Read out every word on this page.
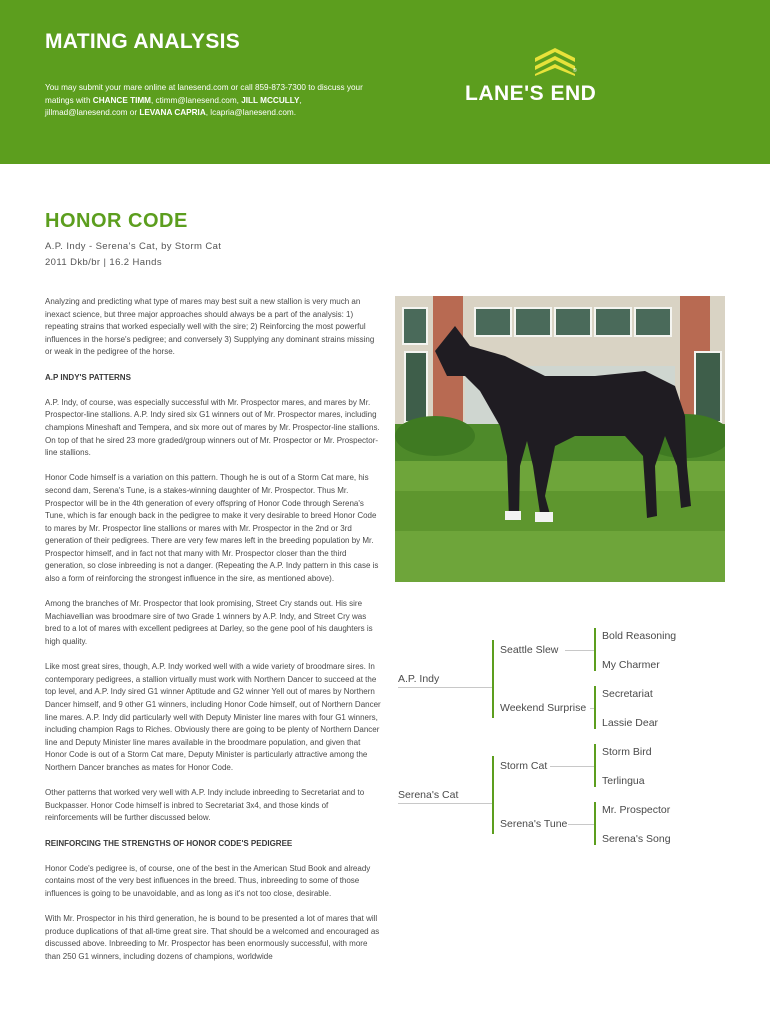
MATING ANALYSIS
You may submit your mare online at lanesend.com or call 859-873-7300 to discuss your matings with CHANCE TIMM, ctimm@lanesend.com, JILL MCCULLY, jillmad@lanesend.com or LEVANA CAPRIA, lcapria@lanesend.com.
®
LANE'S END
HONOR CODE
A.P. Indy - Serena's Cat, by Storm Cat
2011 Dkb/br | 16.2 Hands

Analyzing and predicting what type of mares may best suit a new stallion is very much an inexact science, but three major approaches should always be a part of the analysis: 1) repeating strains that worked especially well with the sire; 2) Reinforcing the most powerful influences in the horse's pedigree; and conversely 3) Supplying any dominant strains missing or weak in the pedigree of the horse.

A.P INDY'S PATTERNS

A.P. Indy, of course, was especially successful with Mr. Prospector mares, and mares by Mr. Prospector-line stallions. A.P. Indy sired six G1 winners out of Mr. Prospector mares, including champions Mineshaft and Tempera, and six more out of mares by Mr. Prospector-line stallions. On top of that he sired 23 more graded/group winners out of Mr. Prospector or Mr. Prospector-line stallions.

Honor Code himself is a variation on this pattern. Though he is out of a Storm Cat mare, his second dam, Serena's Tune, is a stakes-winning daughter of Mr. Prospector. Thus Mr. Prospector will be in the 4th generation of every offspring of Honor Code through Serena's Tune, which is far enough back in the pedigree to make it very desirable to breed Honor Code to mares by Mr. Prospector line stallions or mares with Mr. Prospector in the 2nd or 3rd generation of their pedigrees. There are very few mares left in the breeding population by Mr. Prospector himself, and in fact not that many with Mr. Prospector closer than the third generation, so close inbreeding is not a danger. (Repeating the A.P. Indy pattern in this case is also a form of reinforcing the strongest influence in the sire, as mentioned above).

Among the branches of Mr. Prospector that look promising, Street Cry stands out. His sire Machiavellian was broodmare sire of two Grade 1 winners by A.P. Indy, and Street Cry was bred to a lot of mares with excellent pedigrees at Darley, so the gene pool of his daughters is high quality.

Like most great sires, though, A.P. Indy worked well with a wide variety of broodmare sires. In contemporary pedigrees, a stallion virtually must work with Northern Dancer to succeed at the top level, and A.P. Indy sired G1 winner Aptitude and G2 winner Yell out of mares by Northern Dancer himself, and 9 other G1 winners, including Honor Code himself, out of Northern Dancer line mares. A.P. Indy did particularly well with Deputy Minister line mares with four G1 winners, including champion Rags to Riches. Obviously there are going to be plenty of Northern Dancer line and Deputy Minister line mares available in the broodmare population, and given that Honor Code is out of a Storm Cat mare, Deputy Minister is particularly attractive among the Northern Dancer branches as mates for Honor Code.

Other patterns that worked very well with A.P. Indy include inbreeding to Secretariat and to Buckpasser. Honor Code himself is inbred to Secretariat 3x4, and those kinds of reinforcements will be further discussed below.

REINFORCING THE STRENGTHS OF HONOR CODE'S PEDIGREE

Honor Code's pedigree is, of course, one of the best in the American Stud Book and already contains most of the very best influences in the breed. Thus, inbreeding to some of those influences is going to be unavoidable, and as long as it's not too close, desirable.

With Mr. Prospector in his third generation, he is bound to be presented a lot of mares that will produce duplications of that all-time great sire. That should be a welcomed and encouraged as discussed above. Inbreeding to Mr. Prospector has been enormously successful, with more than 250 G1 winners, including dozens of champions, worldwide

A.P. Indy
Serena's Cat
Seattle Slew
Weekend Surprise
Storm Cat
Serena's Tune
Bold Reasoning
My Charmer
Secretariat
Lassie Dear
Storm Bird
Terlingua
Mr. Prospector
Serena's Song
